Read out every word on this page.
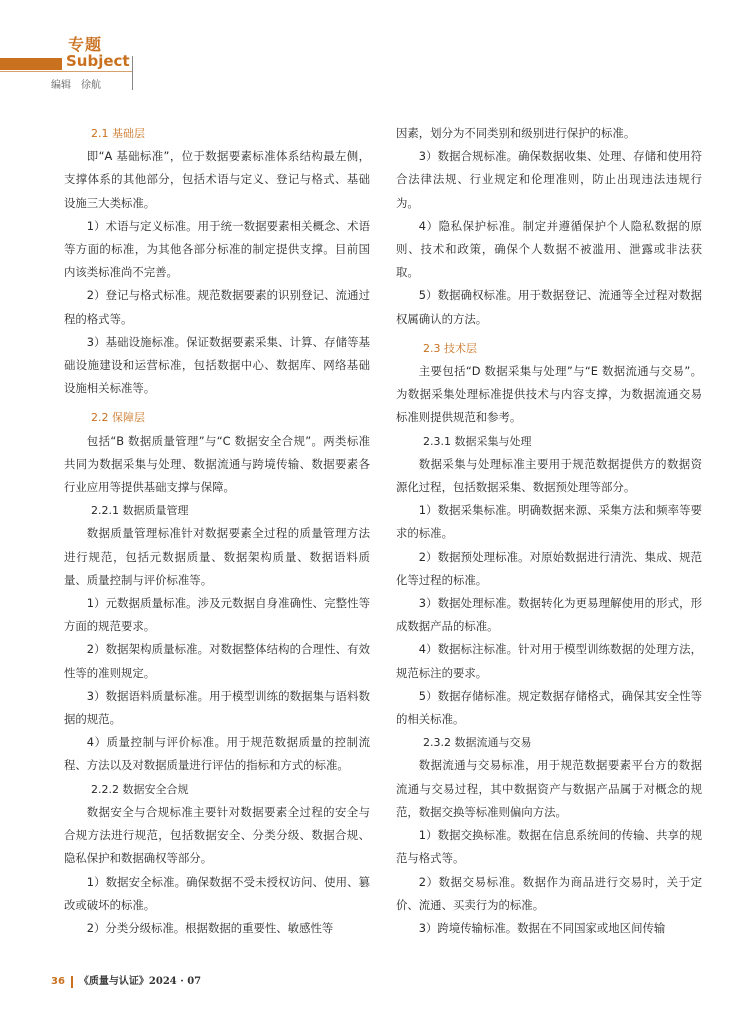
专题
Subject
编辑　徐航

2.1 基础层

即“A 基础标准”，位于数据要素标准体系结构最左侧，支撑体系的其他部分，包括术语与定义、登记与格式、基础设施三大类标准。

1）术语与定义标准。用于统一数据要素相关概念、术语等方面的标准，为其他各部分标准的制定提供支撑。目前国内该类标准尚不完善。

2）登记与格式标准。规范数据要素的识别登记、流通过程的格式等。

3）基础设施标准。保证数据要素采集、计算、存储等基础设施建设和运营标准，包括数据中心、数据库、网络基础设施相关标准等。

2.2 保障层

包括“B 数据质量管理”与“C 数据安全合规”。两类标准共同为数据采集与处理、数据流通与跨境传输、数据要素各行业应用等提供基础支撑与保障。

2.2.1 数据质量管理

数据质量管理标准针对数据要素全过程的质量管理方法进行规范，包括元数据质量、数据架构质量、数据语料质量、质量控制与评价标准等。

1）元数据质量标准。涉及元数据自身准确性、完整性等方面的规范要求。

2）数据架构质量标准。对数据整体结构的合理性、有效性等的准则规定。

3）数据语料质量标准。用于模型训练的数据集与语料数据的规范。

4）质量控制与评价标准。用于规范数据质量的控制流程、方法以及对数据质量进行评估的指标和方式的标准。

2.2.2 数据安全合规

数据安全与合规标准主要针对数据要素全过程的安全与合规方法进行规范，包括数据安全、分类分级、数据合规、隐私保护和数据确权等部分。

1）数据安全标准。确保数据不受未授权访问、使用、篡改或破坏的标准。

2）分类分级标准。根据数据的重要性、敏感性等

因素，划分为不同类别和级别进行保护的标准。

3）数据合规标准。确保数据收集、处理、存储和使用符合法律法规、行业规定和伦理准则，防止出现违法违规行为。

4）隐私保护标准。制定并遵循保护个人隐私数据的原则、技术和政策，确保个人数据不被滥用、泄露或非法获取。

5）数据确权标准。用于数据登记、流通等全过程对数据权属确认的方法。

2.3 技术层

主要包括“D 数据采集与处理”与“E 数据流通与交易”。为数据采集处理标准提供技术与内容支撑，为数据流通交易标准则提供规范和参考。

2.3.1 数据采集与处理

数据采集与处理标准主要用于规范数据提供方的数据资源化过程，包括数据采集、数据预处理等部分。

1）数据采集标准。明确数据来源、采集方法和频率等要求的标准。

2）数据预处理标准。对原始数据进行清洗、集成、规范化等过程的标准。

3）数据处理标准。数据转化为更易理解使用的形式，形成数据产品的标准。

4）数据标注标准。针对用于模型训练数据的处理方法，规范标注的要求。

5）数据存储标准。规定数据存储格式，确保其安全性等的相关标准。

2.3.2 数据流通与交易

数据流通与交易标准，用于规范数据要素平台方的数据流通与交易过程，其中数据资产与数据产品属于对概念的规范，数据交换等标准则偏向方法。

1）数据交换标准。数据在信息系统间的传输、共享的规范与格式等。

2）数据交易标准。数据作为商品进行交易时，关于定价、流通、买卖行为的标准。

3）跨境传输标准。数据在不同国家或地区间传输

36 《质量与认证》2024 · 07
